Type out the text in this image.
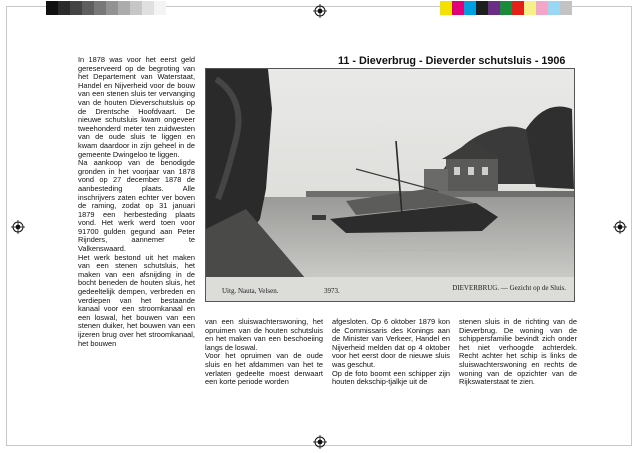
11 - Dieverbrug - Dieverder schutsluis - 1906
In 1878 was voor het eerst geld gereserveerd op de begroting van het Departement van Waterstaat, Handel en Nijverheid voor de bouw van een stenen sluis ter vervanging van de houten Dieverschutsluis op de Drentsche Hoofdvaart. De nieuwe schutsluis kwam ongeveer tweehonderd meter ten zuidwesten van de oude sluis te liggen en kwam daardoor in zijn geheel in de gemeente Dwingeloo te liggen.
Na aankoop van de benodigde gronden in het voorjaar van 1878 vond op 27 december 1878 de aanbesteding plaats. Alle inschrijvers zaten echter ver boven de raming, zodat op 31 januari 1879 een herbesteding plaats vond. Het werk werd toen voor 91700 gulden gegund aan Peter Rijnders, aannemer te Valkenswaard.
Het werk bestond uit het maken van een stenen schutsluis, het maken van een afsnijding in de bocht beneden de houten sluis, het gedeeltelijk dempen, verbreden en verdiepen van het bestaande kanaal voor een stroomkanaal en een loswal, het bouwen van een stenen duiker, het bouwen van een ijzeren brug over het stroomkanaal, het bouwen
Uitg. Nauta, Velsen.	3973.	DIEVERBRUG. — Gezicht op de Sluis.
van een sluiswachterswoning, het opruimen van de houten schutsluis en het maken van een beschoeiing langs de loswal.
Voor het opruimen van de oude sluis en het afdammen van het te verlaten gedeelte moest derwaart een korte periode worden
afgesloten. Op 6 oktober 1879 kon de Commissaris des Konings aan de Minister van Verkeer, Handel en Nijverheid melden dat op 4 oktober voor het eerst door de nieuwe sluis was geschut.
Op de foto boomt een schipper zijn houten dekschip-tjalkje uit de
stenen sluis in de richting van de Dieverbrug. De woning van de schippersfamilie bevindt zich onder het niet verhoogde achterdek. Recht achter het schip is links de sluiswachterswoning en rechts de woning van de opzichter van de Rijkswaterstaat te zien.
